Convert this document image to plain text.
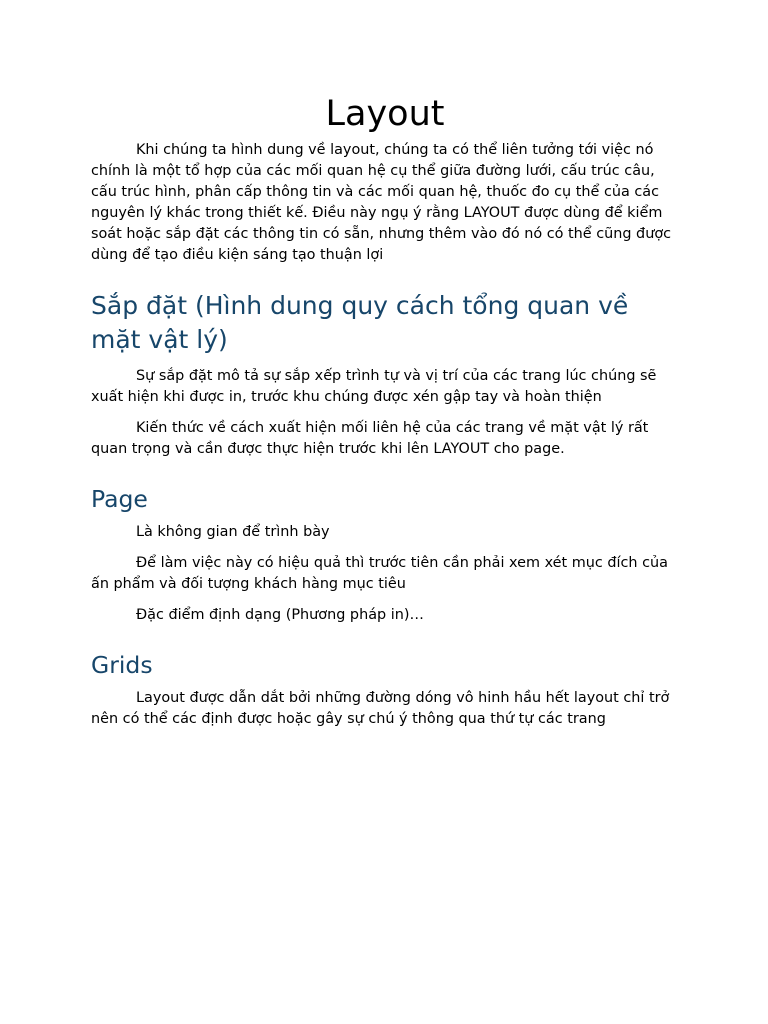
Layout

Khi chúng ta hình dung về layout, chúng ta có thể liên tưởng tới việc nó chính là một tổ hợp của các mối quan hệ cụ thể giữa đường lưới, cấu trúc câu, cấu trúc hình, phân cấp thông tin và các mối quan hệ, thuốc đo cụ thể của các nguyên lý khác trong thiết kế. Điều này ngụ ý rằng LAYOUT được dùng để kiểm soát hoặc sắp đặt các thông tin có sẵn, nhưng thêm vào đó nó có thể cũng được dùng để tạo điều kiện sáng tạo thuận lợi

Sắp đặt (Hình dung quy cách tổng quan về mặt vật lý)

Sự sắp đặt mô tả sự sắp xếp trình tự và vị trí của các trang lúc chúng sẽ xuất hiện khi được in, trước khu chúng được xén gập tay và hoàn thiện

Kiến thức về cách xuất hiện mối liên hệ của các trang về mặt vật lý rất quan trọng và cần được thực hiện trước khi lên LAYOUT cho page.

Page

Là không gian để trình bày

Để làm việc này có hiệu quả thì trước tiên cần phải xem xét mục đích của ấn phẩm và đối tượng khách hàng mục tiêu

Đặc điểm định dạng (Phương pháp in)…

Grids

Layout được dẫn dắt bởi những đường dóng vô hinh hầu hết layout chỉ trở nên có thể các định được hoặc gây sự chú ý thông qua thứ tự các trang
